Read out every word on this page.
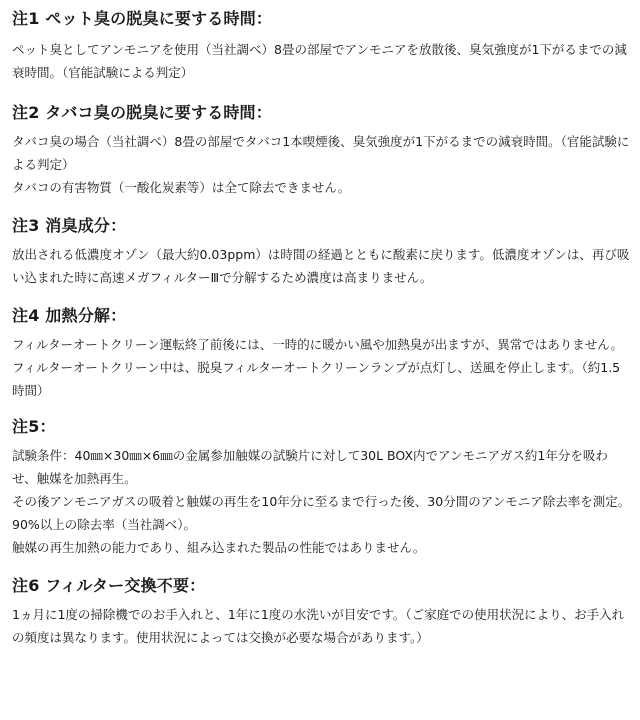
注1 ペット臭の脱臭に要する時間：

ペット臭としてアンモニアを使用（当社調べ）8畳の部屋でアンモニアを放散後、臭気強度が1下がるまでの減衰時間。（官能試験による判定）

注2 タバコ臭の脱臭に要する時間：

タバコ臭の場合（当社調べ）8畳の部屋でタバコ1本喫煙後、臭気強度が1下がるまでの減衰時間。（官能試験による判定）

タバコの有害物質（一酸化炭素等）は全て除去できません。

注3 消臭成分：

放出される低濃度オゾン（最大約0.03ppm）は時間の経過とともに酸素に戻ります。低濃度オゾンは、再び吸い込まれた時に高速メガフィルターⅢで分解するため濃度は高まりません。

注4 加熱分解：

フィルターオートクリーン運転終了前後には、一時的に暖かい風や加熱臭が出ますが、異常ではありません。フィルターオートクリーン中は、脱臭フィルターオートクリーンランプが点灯し、送風を停止します。（約1.5時間）

注5：

試験条件：40㎜×30㎜×6㎜の金属参加触媒の試験片に対して30L BOX内でアンモニアガス約1年分を吸わせ、触媒を加熱再生。

その後アンモニアガスの吸着と触媒の再生を10年分に至るまで行った後、30分間のアンモニア除去率を測定。90%以上の除去率（当社調べ）。

触媒の再生加熱の能力であり、組み込まれた製品の性能ではありません。

注6 フィルター交換不要：

1ヵ月に1度の掃除機でのお手入れと、1年に1度の水洗いが目安です。（ご家庭での使用状況により、お手入れの頻度は異なります。使用状況によっては交換が必要な場合があります。）
